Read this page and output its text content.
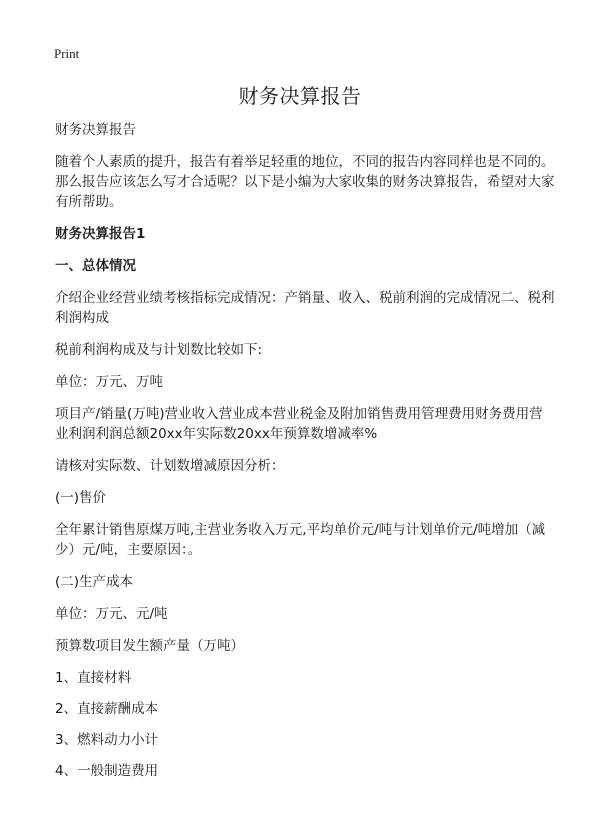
Print
财务决算报告

财务决算报告

随着个人素质的提升，报告有着举足轻重的地位，不同的报告内容同样也是不同的。那么报告应该怎么写才合适呢？以下是小编为大家收集的财务决算报告，希望对大家有所帮助。

财务决算报告1

一、总体情况

介绍企业经营业绩考核指标完成情况：产销量、收入、税前利润的完成情况二、税利利润构成

税前利润构成及与计划数比较如下:

单位：万元、万吨

项目产/销量(万吨)营业收入营业成本营业税金及附加销售费用管理费用财务费用营业利润利润总额20xx年实际数20xx年预算数增减率%

请核对实际数、计划数增减原因分析：

(一)售价

全年累计销售原煤万吨,主营业务收入万元,平均单价元/吨与计划单价元/吨增加（减少）元/吨，主要原因：。

(二)生产成本

单位：万元、元/吨

预算数项目发生额产量（万吨）

1、直接材料

2、直接薪酬成本

3、燃料动力小计

4、一般制造费用
